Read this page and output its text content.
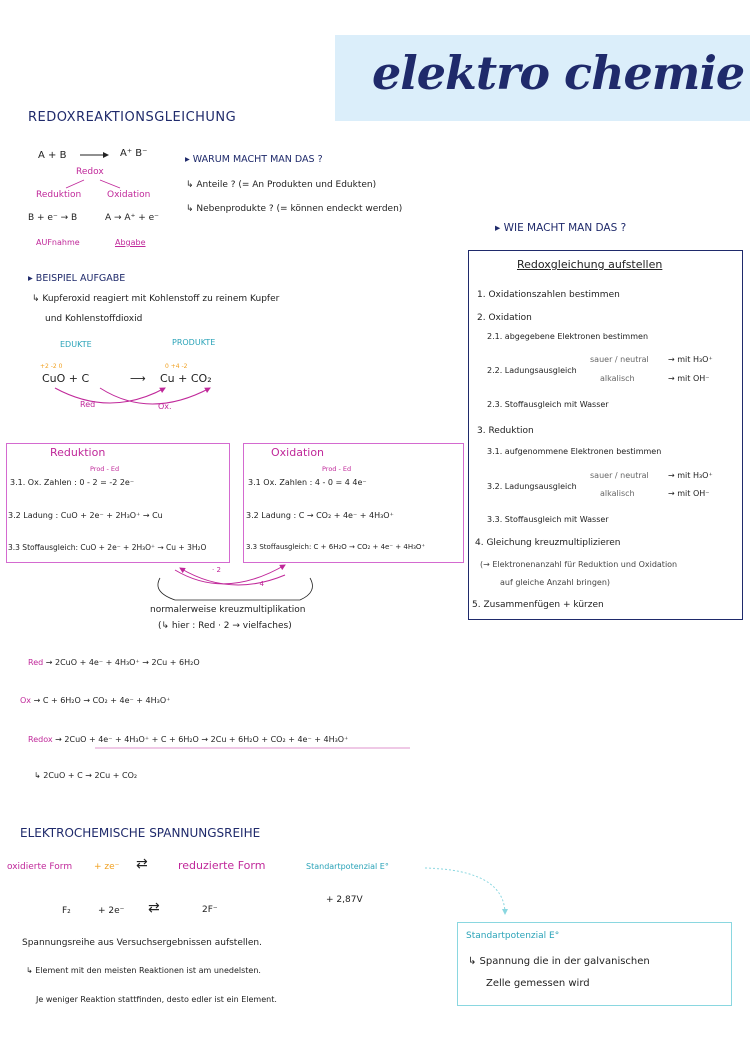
elektro chemie
REDOXREAKTIONSGLEICHUNG
A + B	A⁺ B⁻
Redox
Reduktion	Oxidation
B + e⁻ → B	A → A⁺ + e⁻
AUFnahme	Abgabe
▸ WARUM MACHT MAN DAS ?
↳ Anteile ? (= An Produkten und Edukten)
↳ Nebenprodukte ? (= können endeckt werden)
▸ WIE MACHT MAN DAS ?
Redoxgleichung aufstellen
1. Oxidationszahlen bestimmen
2. Oxidation
2.1. abgegebene Elektronen bestimmen
2.2. Ladungsausgleich
sauer / neutral → mit H₃O⁺
alkalisch	→ mit OH⁻
2.3. Stoffausgleich mit Wasser
3. Reduktion
3.1. aufgenommene Elektronen bestimmen
3.2. Ladungsausgleich
sauer / neutral → mit H₃O⁺
alkalisch	→ mit OH⁻
3.3. Stoffausgleich mit Wasser
4. Gleichung kreuzmultiplizieren
(→ Elektronenanzahl für Reduktion und Oxidation
auf gleiche Anzahl bringen)
5. Zusammenfügen + kürzen
▸ BEISPIEL AUFGABE
↳ Kupferoxid reagiert mit Kohlenstoff zu reinem Kupfer
und Kohlenstoffdioxid
EDUKTE	PRODUKTE
+2 -2 0	0 +4 -2
CuO + C	⟶ Cu + CO₂
Red	Ox.
Reduktion
Prod - Ed
3.1. Ox. Zahlen : 0 - 2 = -2 2e⁻
3.2 Ladung : CuO + 2e⁻ + 2H₃O⁺ → Cu
3.3 Stoffausgleich: CuO + 2e⁻ + 2H₃O⁺ → Cu + 3H₂O
Oxidation
Prod - Ed
3.1 Ox. Zahlen : 4 - 0 = 4 4e⁻
3.2 Ladung : C → CO₂ + 4e⁻ + 4H₃O⁺
3.3 Stoffausgleich: C + 6H₂O → CO₂ + 4e⁻ + 4H₃O⁺
· 2
· 4
normalerweise kreuzmultiplikation
(↳ hier : Red · 2 → vielfaches)
Red → 2CuO + 4e⁻ + 4H₃O⁺ → 2Cu + 6H₂O
Ox → C + 6H₂O → CO₂ + 4e⁻ + 4H₃O⁺
Redox → 2CuO + 4e⁻ + 4H₃O⁺ + C + 6H₂O → 2Cu + 6H₂O + CO₂ + 4e⁻ + 4H₃O⁺
↳ 2CuO + C → 2Cu + CO₂
ELEKTROCHEMISCHE SPANNUNGSREIHE
oxidierte Form + ze⁻ ⇄	reduzierte Form	Standartpotenzial E°
F₂	+ 2e⁻ ⇄	2F⁻
+ 2,87V
Spannungsreihe aus Versuchsergebnissen aufstellen.
↳ Element mit den meisten Reaktionen ist am unedelsten.
Je weniger Reaktion stattfinden, desto edler ist ein Element.
Standartpotenzial E°
↳ Spannung die in der galvanischen
Zelle gemessen wird
